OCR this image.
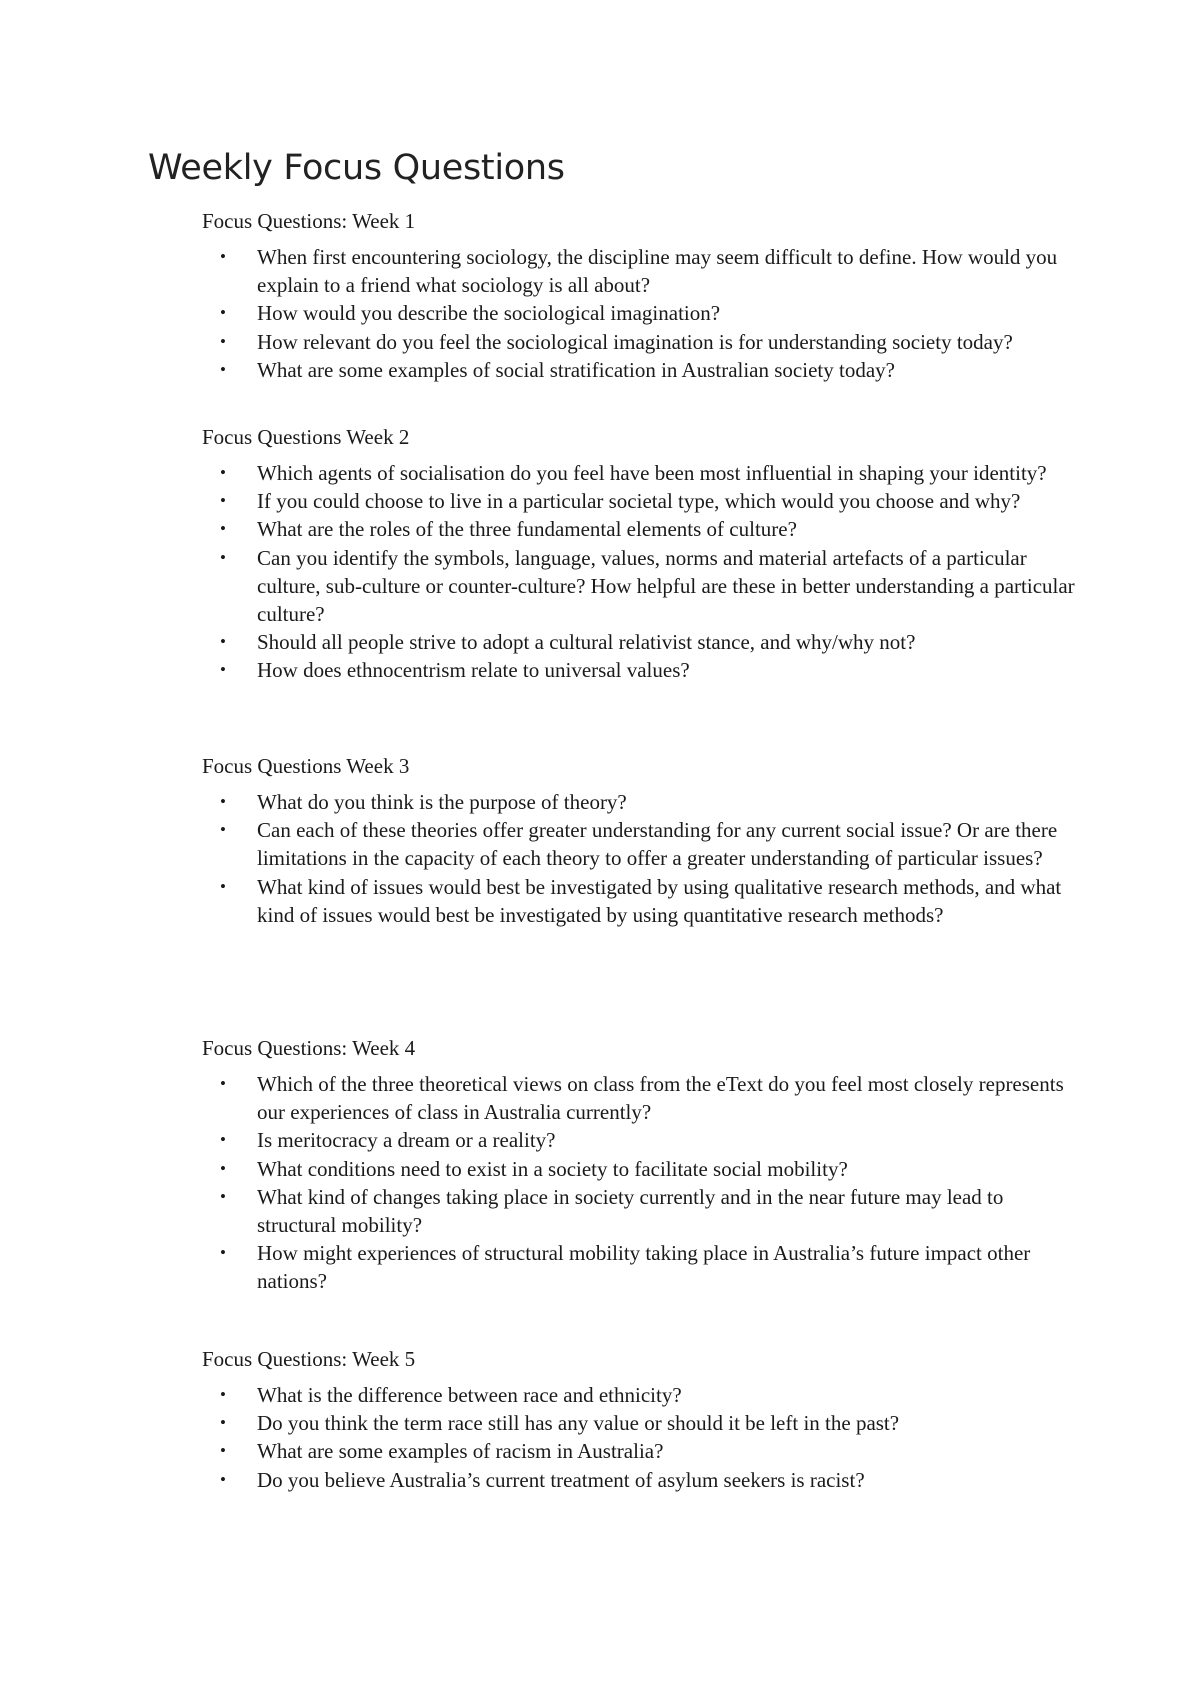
Weekly Focus Questions
Focus Questions: Week 1
• When first encountering sociology, the discipline may seem difficult to define. How would you explain to a friend what sociology is all about?
• How would you describe the sociological imagination?
• How relevant do you feel the sociological imagination is for understanding society today?
• What are some examples of social stratification in Australian society today?
Focus Questions Week 2
• Which agents of socialisation do you feel have been most influential in shaping your identity?
• If you could choose to live in a particular societal type, which would you choose and why?
• What are the roles of the three fundamental elements of culture?
• Can you identify the symbols, language, values, norms and material artefacts of a particular culture, sub-culture or counter-culture? How helpful are these in better understanding a particular culture?
• Should all people strive to adopt a cultural relativist stance, and why/why not?
• How does ethnocentrism relate to universal values?
Focus Questions Week 3
• What do you think is the purpose of theory?
• Can each of these theories offer greater understanding for any current social issue? Or are there limitations in the capacity of each theory to offer a greater understanding of particular issues?
• What kind of issues would best be investigated by using qualitative research methods, and what kind of issues would best be investigated by using quantitative research methods?
Focus Questions: Week 4
• Which of the three theoretical views on class from the eText do you feel most closely represents our experiences of class in Australia currently?
• Is meritocracy a dream or a reality?
• What conditions need to exist in a society to facilitate social mobility?
• What kind of changes taking place in society currently and in the near future may lead to structural mobility?
• How might experiences of structural mobility taking place in Australia’s future impact other nations?
Focus Questions: Week 5
• What is the difference between race and ethnicity?
• Do you think the term race still has any value or should it be left in the past?
• What are some examples of racism in Australia?
• Do you believe Australia’s current treatment of asylum seekers is racist?
